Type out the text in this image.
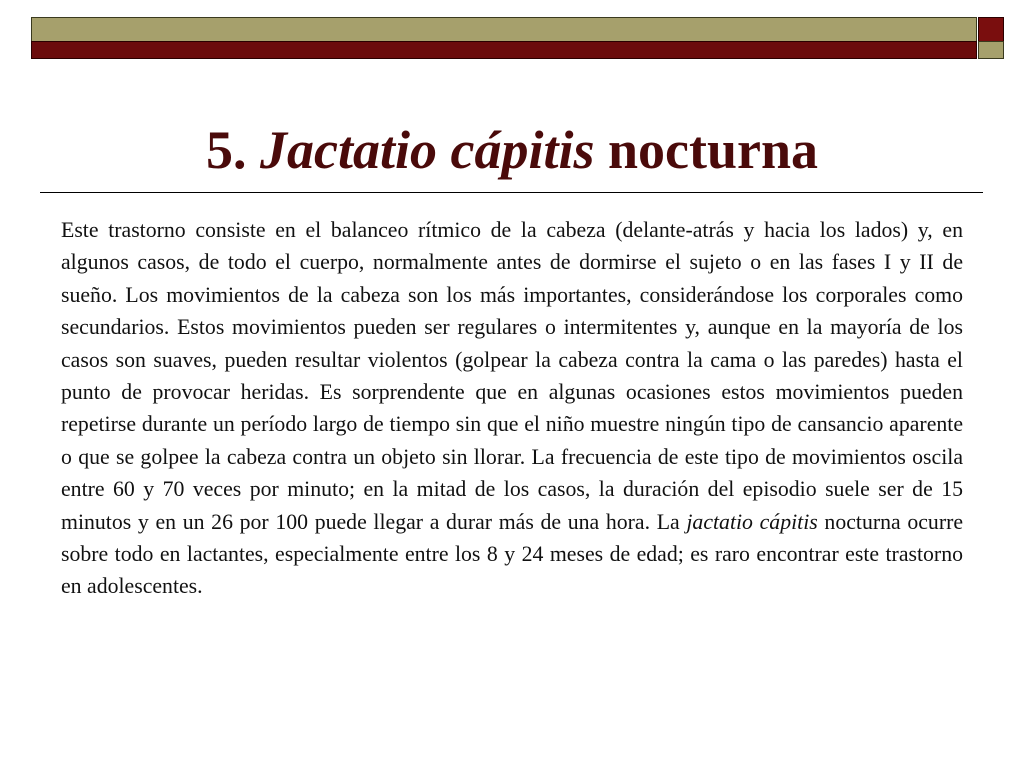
5. Jactatio cápitis nocturna

Este trastorno consiste en el balanceo rítmico de la cabeza (delante-atrás y hacia los lados) y, en algunos casos, de todo el cuerpo, normalmente antes de dormirse el sujeto o en las fases I y II de sueño. Los movimientos de la cabeza son los más importantes, considerándose los corporales como secundarios. Estos movimientos pueden ser regulares o intermitentes y, aunque en la mayoría de los casos son suaves, pueden resultar violentos (golpear la cabeza contra la cama o las paredes) hasta el punto de provocar heridas. Es sorprendente que en algunas ocasiones estos movimientos pueden repetirse durante un período largo de tiempo sin que el niño muestre ningún tipo de cansancio aparente o que se golpee la cabeza contra un objeto sin llorar. La frecuencia de este tipo de movimientos oscila entre 60 y 70 veces por minuto; en la mitad de los casos, la duración del episodio suele ser de 15 minutos y en un 26 por 100 puede llegar a durar más de una hora. La jactatio cápitis nocturna ocurre sobre todo en lactantes, especialmente entre los 8 y 24 meses de edad; es raro encontrar este trastorno en adolescentes.
